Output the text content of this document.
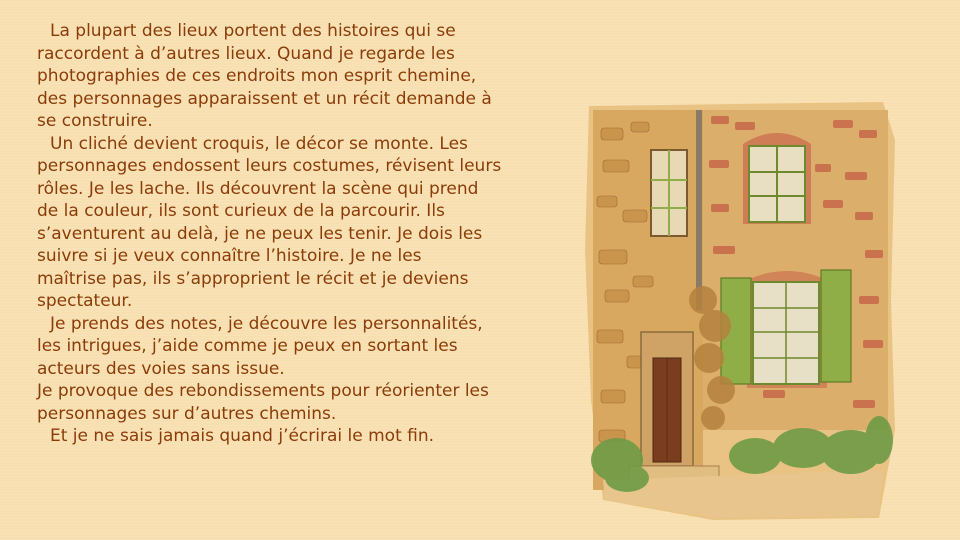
La plupart des lieux portent des histoires qui se

raccordent à d’autres lieux. Quand je regarde les

photographies de ces endroits mon esprit chemine,

des personnages apparaissent et un récit demande à

se construire.

Un cliché devient croquis, le décor se monte. Les

personnages endossent leurs costumes, révisent leurs

rôles. Je les lache. Ils découvrent la scène qui prend

de la couleur, ils sont curieux de la parcourir. Ils

s’aventurent au delà, je ne peux les tenir. Je dois les

suivre si je veux connaître l’histoire. Je ne les

maîtrise pas, ils s’approprient le récit et je deviens

spectateur.

Je prends des notes, je découvre les personnalités,

les intrigues, j’aide comme je peux en sortant les

acteurs des voies sans issue.

Je provoque des rebondissements pour réorienter les

personnages sur d’autres chemins.

Et je ne sais jamais quand j’écrirai le mot fin.
